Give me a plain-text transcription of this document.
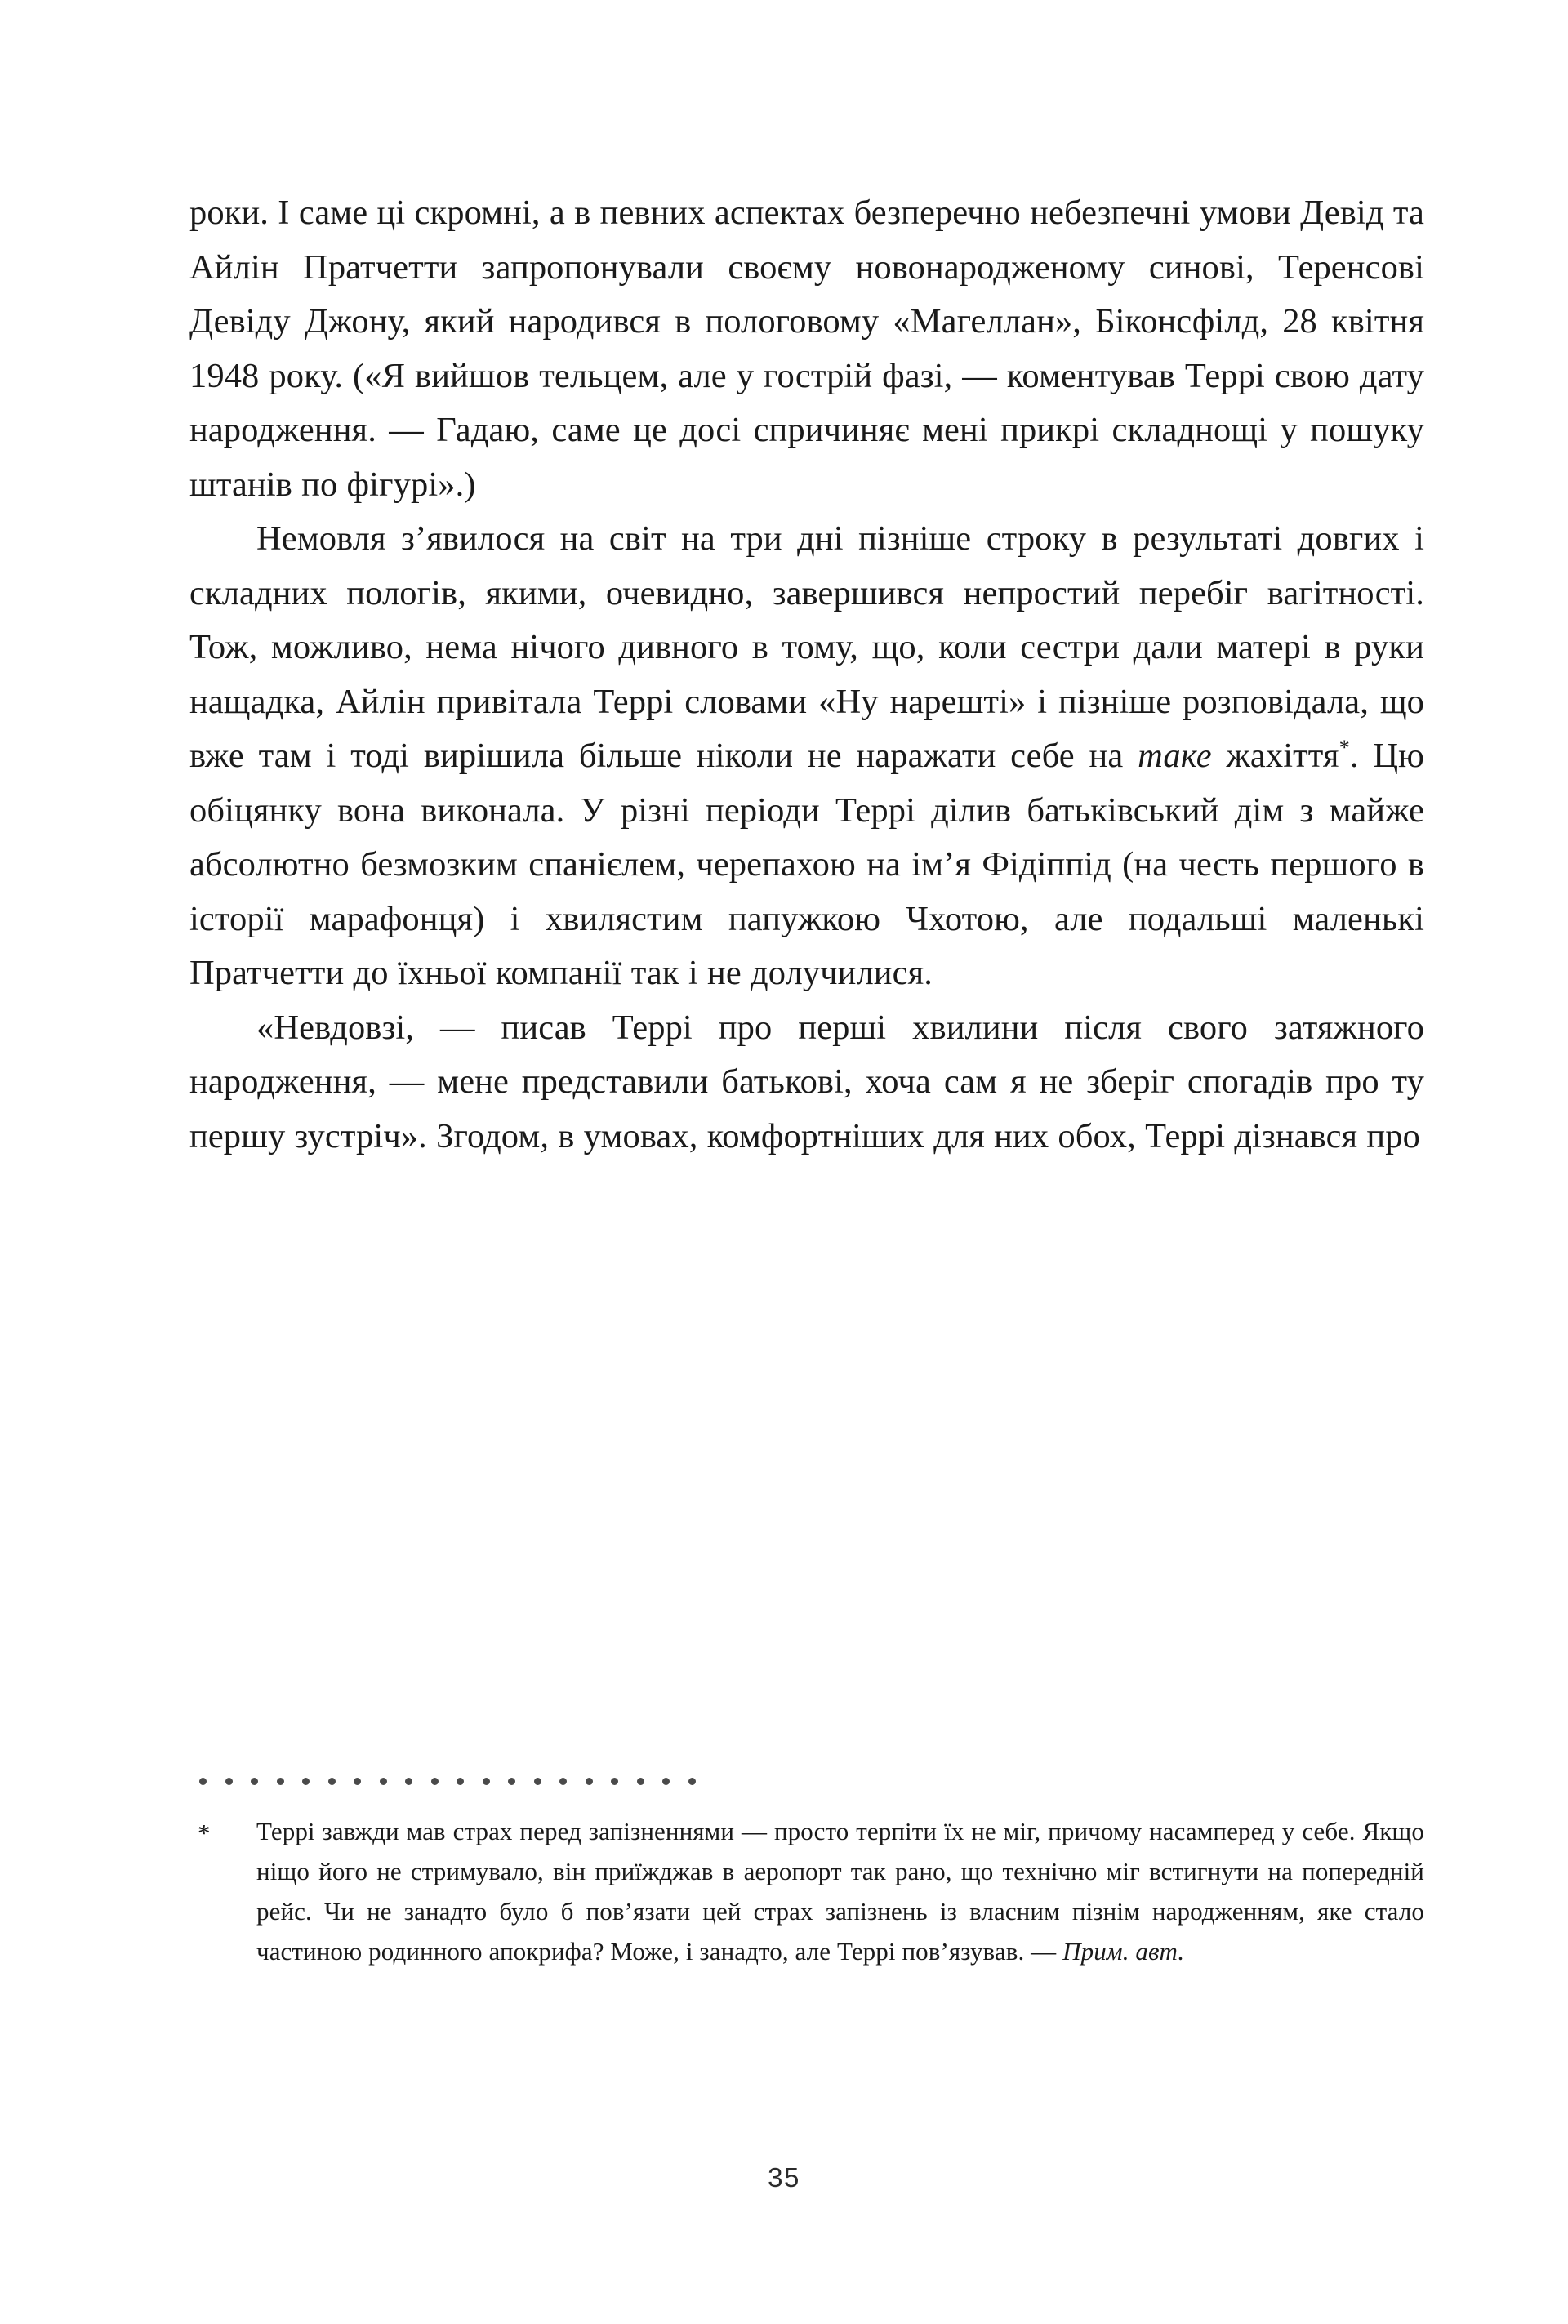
роки. І саме ці скромні, а в певних аспектах безперечно небезпечні умови Девід та Айлін Пратчетти запропонували своєму новонародженому синові, Теренсові Девіду Джону, який народився в пологовому «Магеллан», Біконсфілд, 28 квітня 1948 року. («Я вийшов тельцем, але у гострій фазі, — коментував Террі свою дату народження. — Гадаю, саме це досі спричиняє мені прикрі складнощі у пошуку штанів по фігурі».)

Немовля з’явилося на світ на три дні пізніше строку в результаті довгих і складних пологів, якими, очевидно, завершився непростий перебіг вагітності. Тож, можливо, нема нічого дивного в тому, що, коли сестри дали матері в руки нащадка, Айлін привітала Террі словами «Ну нарешті» і пізніше розповідала, що вже там і тоді вирішила більше ніколи не наражати себе на таке жахіття*. Цю обіцянку вона виконала. У різні періоди Террі ділив батьківський дім з майже абсолютно безмозким спанієлем, черепахою на ім’я Фідіппід (на честь першого в історії марафонця) і хвилястим папужкою Чхотою, але подальші маленькі Пратчетти до їхньої компанії так і не долучилися.

«Невдовзі, — писав Террі про перші хвилини після свого затяжного народження, — мене представили батькові, хоча сам я не зберіг спогадів про ту першу зустріч». Згодом, в умовах, комфортніших для них обох, Террі дізнався про

* Террі завжди мав страх перед запізненнями — просто терпіти їх не міг, причому насамперед у себе. Якщо ніщо його не стримувало, він приїжджав в аеропорт так рано, що технічно міг встигнути на попередній рейс. Чи не занадто було б пов’язати цей страх запізнень із власним пізнім народженням, яке стало частиною родинного апокрифа? Може, і занадто, але Террі пов’язував. — Прим. авт.

35
